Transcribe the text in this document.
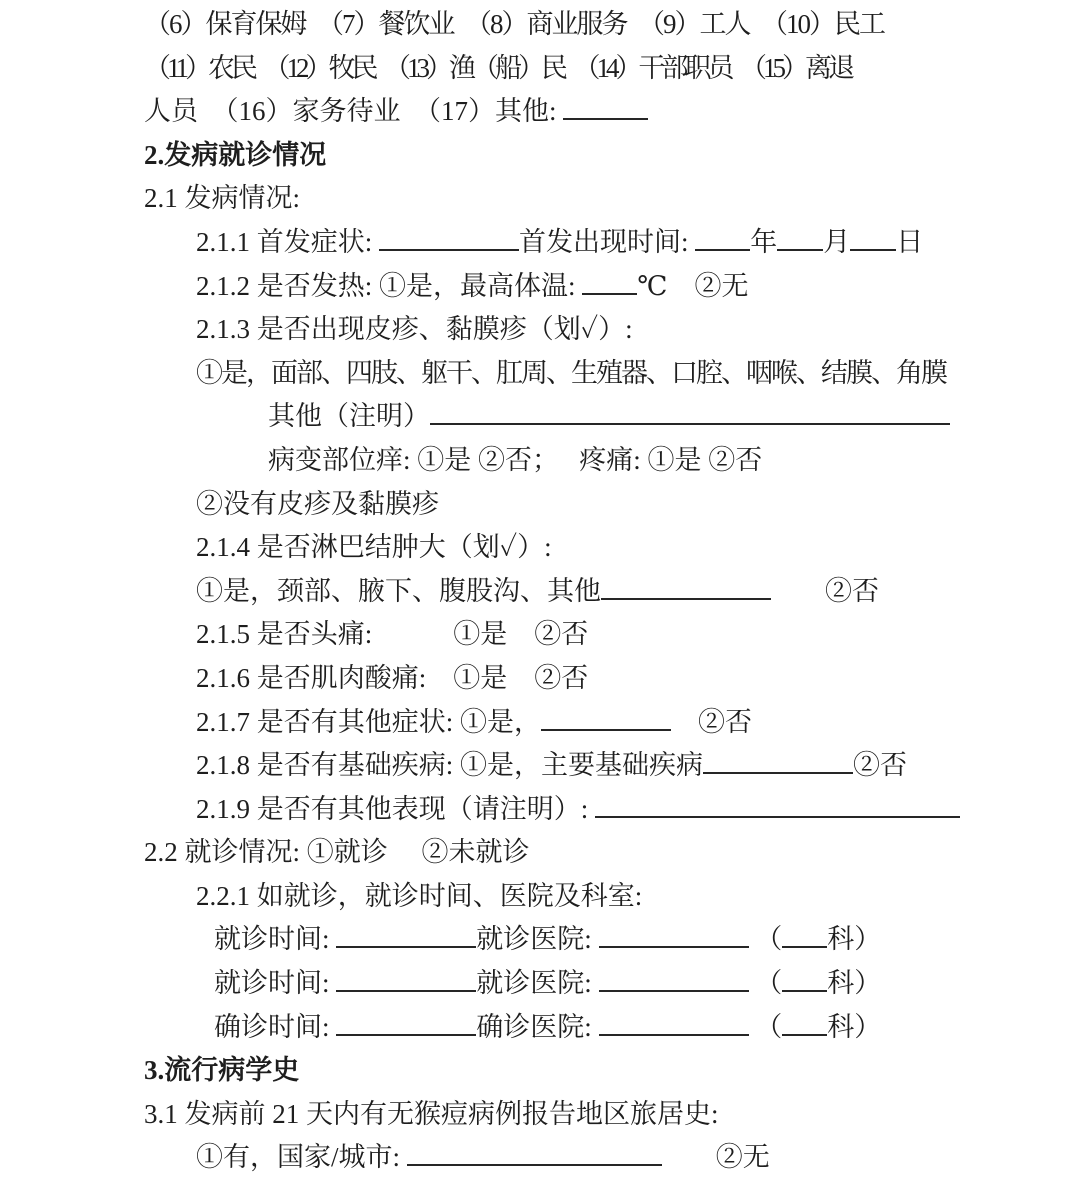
（6）保育保姆　（7）餐饮业　（8）商业服务　（9）工人　（10）民工
（11）农民　（12）牧民　（13）渔（船）民　（14）干部职员　（15）离退
人员　（16）家务待业　（17）其他:
2.发病就诊情况
2.1 发病情况:
2.1.1 首发症状:	首发出现时间: 年 月 日
2.1.2 是否发热: ①是，最高体温: ℃　②无
2.1.3 是否出现皮疹、黏膜疹（划✓）:
①是，面部、四肢、躯干、肛周、生殖器、口腔、咽喉、结膜、角膜
其他（注明）
病变部位痒: ①是 ②否；　 疼痛: ①是 ②否
②没有皮疹及黏膜疹
2.1.4 是否淋巴结肿大（划✓）:
①是，颈部、腋下、腹股沟、其他	　　②否
2.1.5 是否头痛:　　　①是　②否
2.1.6 是否肌肉酸痛:　①是　②否
2.1.7 是否有其他症状: ①是，	　②否
2.1.8 是否有基础疾病: ①是，主要基础疾病	②否
2.1.9 是否有其他表现（请注明）:
2.2 就诊情况: ①就诊　 ②未就诊
2.2.1 如就诊，就诊时间、医院及科室:
就诊时间:	就诊医院:	（ 科）
就诊时间:	就诊医院:	（ 科）
确诊时间:	确诊医院:	（ 科）
3.流行病学史
3.1 发病前 21 天内有无猴痘病例报告地区旅居史:
①有，国家/城市:	　　②无
